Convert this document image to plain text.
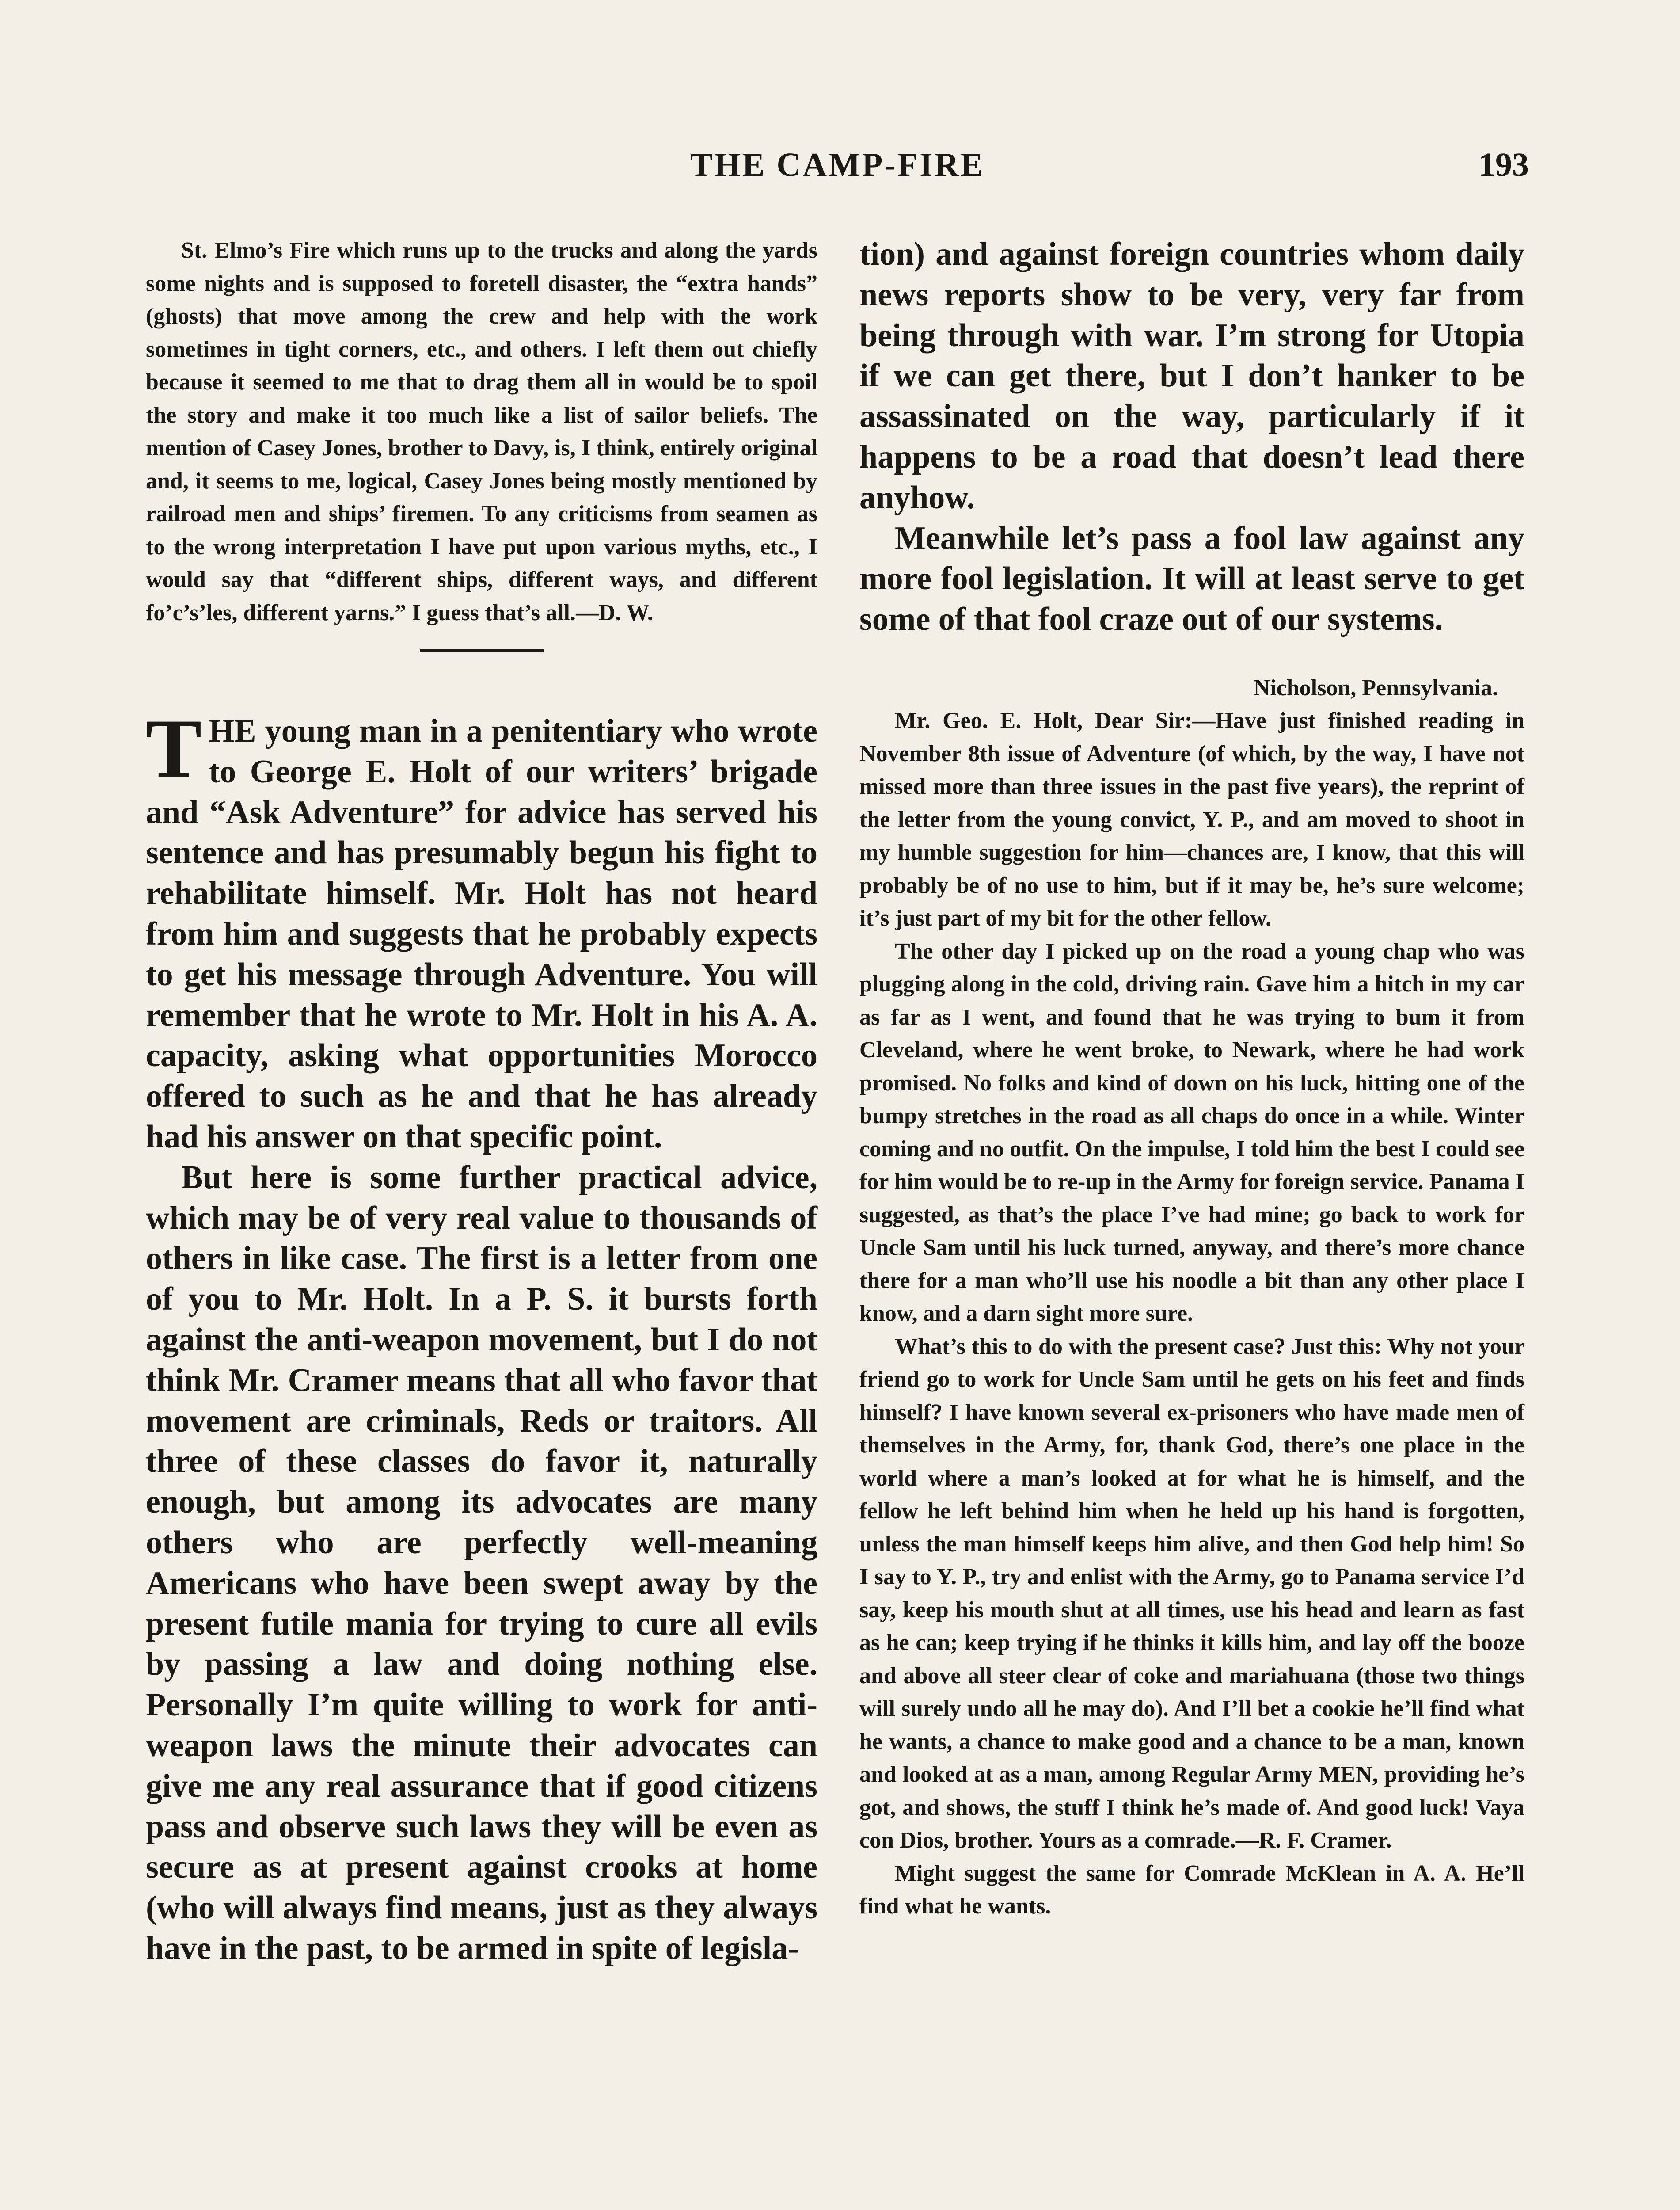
THE CAMP-FIRE	193

St. Elmo’s Fire which runs up to the trucks and along the yards some nights and is supposed to foretell disaster, the “extra hands” (ghosts) that move among the crew and help with the work sometimes in tight corners, etc., and others. I left them out chiefly because it seemed to me that to drag them all in would be to spoil the story and make it too much like a list of sailor beliefs. The mention of Casey Jones, brother to Davy, is, I think, entirely original and, it seems to me, logical, Casey Jones being mostly mentioned by railroad men and ships’ firemen. To any criticisms from seamen as to the wrong interpretation I have put upon various myths, etc., I would say that “different ships, different ways, and different fo’c’s’les, different yarns.” I guess that’s all.—D. W.

THE young man in a penitentiary who wrote to George E. Holt of our writers’ brigade and “Ask Adventure” for advice has served his sentence and has presumably begun his fight to rehabilitate himself. Mr. Holt has not heard from him and suggests that he probably expects to get his message through Adventure. You will remember that he wrote to Mr. Holt in his A. A. capacity, asking what opportunities Morocco offered to such as he and that he has already had his answer on that specific point.

But here is some further practical advice, which may be of very real value to thousands of others in like case. The first is a letter from one of you to Mr. Holt. In a P. S. it bursts forth against the anti-weapon movement, but I do not think Mr. Cramer means that all who favor that movement are criminals, Reds or traitors. All three of these classes do favor it, naturally enough, but among its advocates are many others who are perfectly well-meaning Americans who have been swept away by the present futile mania for trying to cure all evils by passing a law and doing nothing else. Personally I’m quite willing to work for anti-weapon laws the minute their advocates can give me any real assurance that if good citizens pass and observe such laws they will be even as secure as at present against crooks at home (who will always find means, just as they always have in the past, to be armed in spite of legisla-

tion) and against foreign countries whom daily news reports show to be very, very far from being through with war. I’m strong for Utopia if we can get there, but I don’t hanker to be assassinated on the way, particularly if it happens to be a road that doesn’t lead there anyhow.

Meanwhile let’s pass a fool law against any more fool legislation. It will at least serve to get some of that fool craze out of our systems.

Nicholson, Pennsylvania.

Mr. Geo. E. Holt, Dear Sir:—Have just finished reading in November 8th issue of Adventure (of which, by the way, I have not missed more than three issues in the past five years), the reprint of the letter from the young convict, Y. P., and am moved to shoot in my humble suggestion for him—chances are, I know, that this will probably be of no use to him, but if it may be, he’s sure welcome; it’s just part of my bit for the other fellow.

The other day I picked up on the road a young chap who was plugging along in the cold, driving rain. Gave him a hitch in my car as far as I went, and found that he was trying to bum it from Cleveland, where he went broke, to Newark, where he had work promised. No folks and kind of down on his luck, hitting one of the bumpy stretches in the road as all chaps do once in a while. Winter coming and no outfit. On the impulse, I told him the best I could see for him would be to re-up in the Army for foreign service. Panama I suggested, as that’s the place I’ve had mine; go back to work for Uncle Sam until his luck turned, anyway, and there’s more chance there for a man who’ll use his noodle a bit than any other place I know, and a darn sight more sure.

What’s this to do with the present case? Just this: Why not your friend go to work for Uncle Sam until he gets on his feet and finds himself? I have known several ex-prisoners who have made men of themselves in the Army, for, thank God, there’s one place in the world where a man’s looked at for what he is himself, and the fellow he left behind him when he held up his hand is forgotten, unless the man himself keeps him alive, and then God help him! So I say to Y. P., try and enlist with the Army, go to Panama service I’d say, keep his mouth shut at all times, use his head and learn as fast as he can; keep trying if he thinks it kills him, and lay off the booze and above all steer clear of coke and mariahuana (those two things will surely undo all he may do). And I’ll bet a cookie he’ll find what he wants, a chance to make good and a chance to be a man, known and looked at as a man, among Regular Army MEN, providing he’s got, and shows, the stuff I think he’s made of. And good luck! Vaya con Dios, brother. Yours as a comrade.—R. F. Cramer.

Might suggest the same for Comrade McKlean in A. A. He’ll find what he wants.
